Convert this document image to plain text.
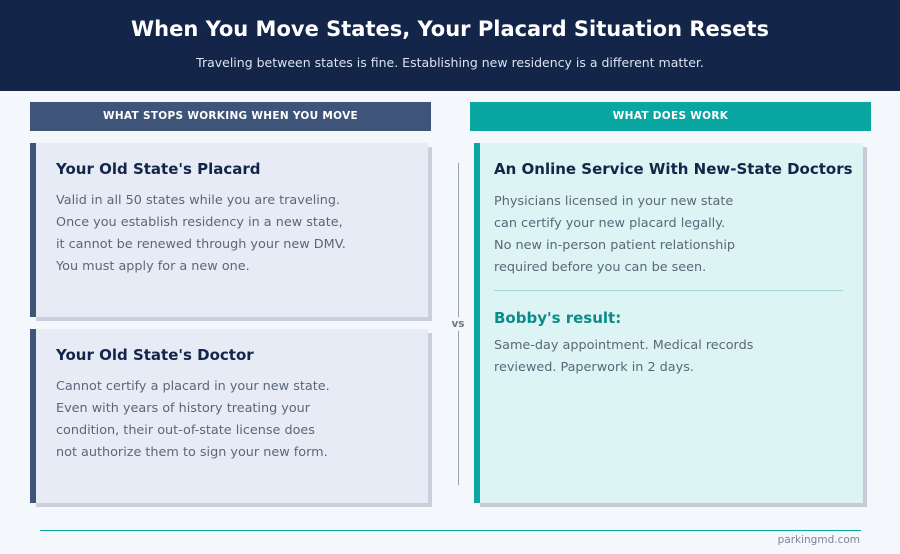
When You Move States, Your Placard Situation Resets
Traveling between states is fine. Establishing new residency is a different matter.
WHAT STOPS WORKING WHEN YOU MOVE	WHAT DOES WORK
Your Old State's Placard
Valid in all 50 states while you are traveling.
Once you establish residency in a new state,
it cannot be renewed through your new DMV.
You must apply for a new one.
Your Old State's Doctor
Cannot certify a placard in your new state.
Even with years of history treating your
condition, their out-of-state license does
not authorize them to sign your new form.
vs
An Online Service With New-State Doctors
Physicians licensed in your new state
can certify your new placard legally.
No new in-person patient relationship
required before you can be seen.
Bobby's result:
Same-day appointment. Medical records
reviewed. Paperwork in 2 days.
parkingmd.com
